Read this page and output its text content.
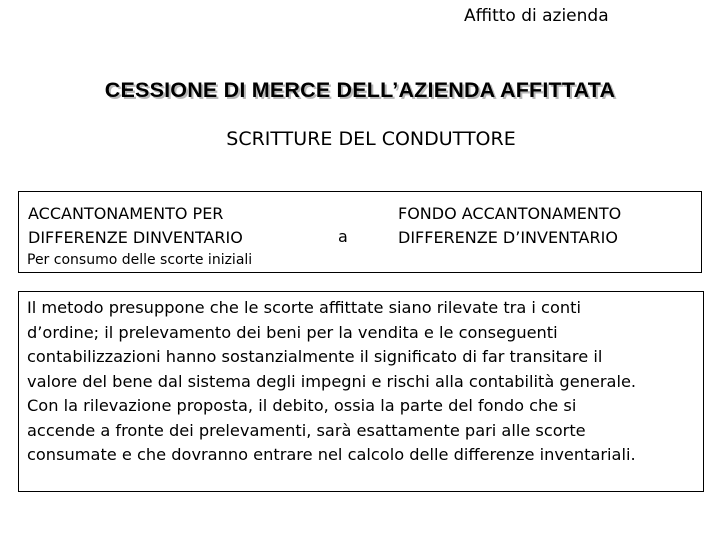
Affitto di azienda
CESSIONE DI MERCE DELL’AZIENDA AFFITTATA
SCRITTURE DEL CONDUTTORE
ACCANTONAMENTO PER
DIFFERENZE DINVENTARIO	a
FONDO ACCANTONAMENTO
DIFFERENZE D’INVENTARIO
Per consumo delle scorte iniziali
Il metodo presuppone che le scorte affittate siano rilevate tra i conti
d’ordine; il prelevamento dei beni per la vendita e le conseguenti
contabilizzazioni hanno sostanzialmente il significato di far transitare il
valore del bene dal sistema degli impegni e rischi alla contabilità generale.
Con la rilevazione proposta, il debito, ossia la parte del fondo che si
accende a fronte dei prelevamenti, sarà esattamente pari alle scorte
consumate e che dovranno entrare nel calcolo delle differenze inventariali.
